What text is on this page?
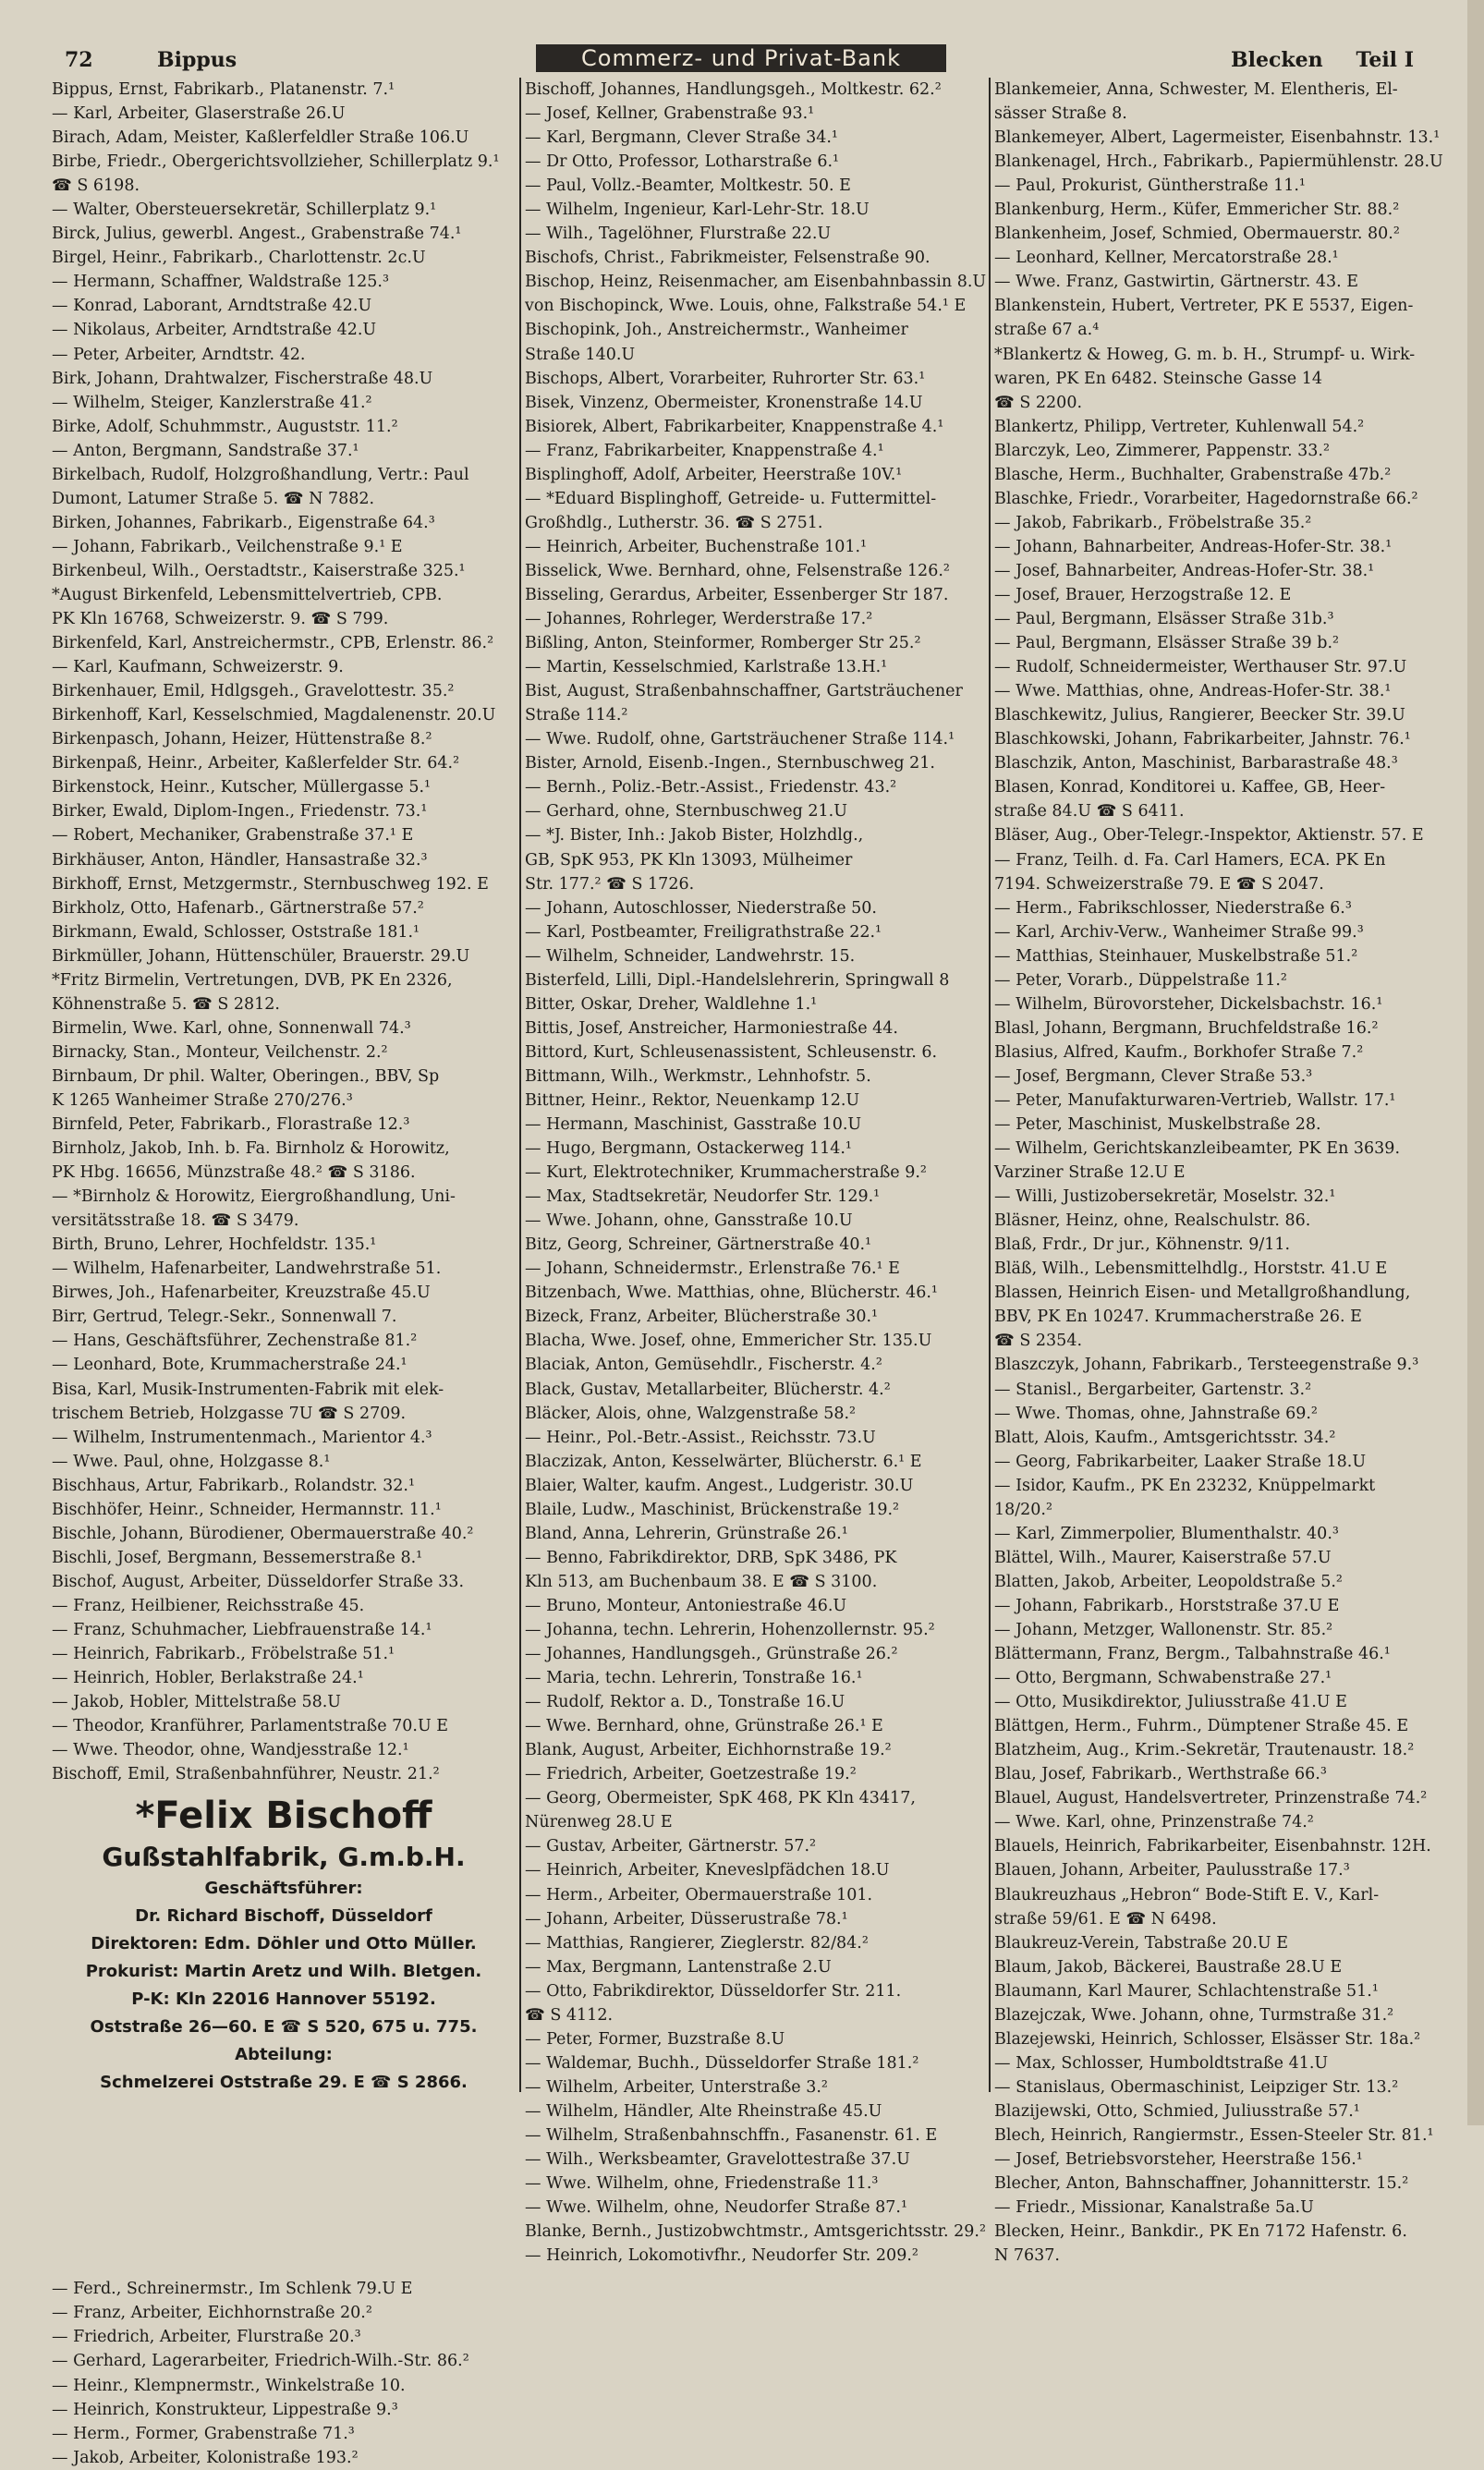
72	Bippus	Commerz- und Privat-Bank	Blecken Teil I
Bippus, Ernst, Fabrikarb., Platanenstr. 7.¹
— Karl, Arbeiter, Glaserstraße 26.U
Birach, Adam, Meister, Kaßlerfeldler Straße 106.U
Birbe, Friedr., Obergerichtsvollzieher, Schillerplatz 9.¹
☎ S 6198.
— Walter, Obersteuersekretär, Schillerplatz 9.¹
Birck, Julius, gewerbl. Angest., Grabenstraße 74.¹
Birgel, Heinr., Fabrikarb., Charlottenstr. 2c.U
— Hermann, Schaffner, Waldstraße 125.³
— Konrad, Laborant, Arndtstraße 42.U
— Nikolaus, Arbeiter, Arndtstraße 42.U
— Peter, Arbeiter, Arndtstr. 42.
Birk, Johann, Drahtwalzer, Fischerstraße 48.U
— Wilhelm, Steiger, Kanzlerstraße 41.²
Birke, Adolf, Schuhmmstr., Auguststr. 11.²
— Anton, Bergmann, Sandstraße 37.¹
Birkelbach, Rudolf, Holzgroßhandlung, Vertr.: Paul
Dumont, Latumer Straße 5. ☎ N 7882.
Birken, Johannes, Fabrikarb., Eigenstraße 64.³
— Johann, Fabrikarb., Veilchenstraße 9.¹ E
Birkenbeul, Wilh., Oerstadtstr., Kaiserstraße 325.¹
*August Birkenfeld, Lebensmittelvertrieb, CPB.
PK Kln 16768, Schweizerstr. 9. ☎ S 799.
Birkenfeld, Karl, Anstreichermstr., CPB, Erlenstr. 86.²
— Karl, Kaufmann, Schweizerstr. 9.
Birkenhauer, Emil, Hdlgsgeh., Gravelottestr. 35.²
Birkenhoff, Karl, Kesselschmied, Magdalenenstr. 20.U
Birkenpasch, Johann, Heizer, Hüttenstraße 8.²
Birkenpaß, Heinr., Arbeiter, Kaßlerfelder Str. 64.²
Birkenstock, Heinr., Kutscher, Müllergasse 5.¹
Birker, Ewald, Diplom-Ingen., Friedenstr. 73.¹
— Robert, Mechaniker, Grabenstraße 37.¹ E
Birkhäuser, Anton, Händler, Hansastraße 32.³
Birkhoff, Ernst, Metzgermstr., Sternbuschweg 192. E
Birkholz, Otto, Hafenarb., Gärtnerstraße 57.²
Birkmann, Ewald, Schlosser, Oststraße 181.¹
Birkmüller, Johann, Hüttenschüler, Brauerstr. 29.U
*Fritz Birmelin, Vertretungen, DVB, PK En 2326,
Köhnenstraße 5. ☎ S 2812.
Birmelin, Wwe. Karl, ohne, Sonnenwall 74.³
Birnacky, Stan., Monteur, Veilchenstr. 2.²
Birnbaum, Dr phil. Walter, Oberingen., BBV, Sp
K 1265 Wanheimer Straße 270/276.³
Birnfeld, Peter, Fabrikarb., Florastraße 12.³
Birnholz, Jakob, Inh. b. Fa. Birnholz & Horowitz,
PK Hbg. 16656, Münzstraße 48.² ☎ S 3186.
— *Birnholz & Horowitz, Eiergroßhandlung, Uni-
versitätsstraße 18. ☎ S 3479.
Birth, Bruno, Lehrer, Hochfeldstr. 135.¹
— Wilhelm, Hafenarbeiter, Landwehrstraße 51.
Birwes, Joh., Hafenarbeiter, Kreuzstraße 45.U
Birr, Gertrud, Telegr.-Sekr., Sonnenwall 7.
— Hans, Geschäftsführer, Zechenstraße 81.²
— Leonhard, Bote, Krummacherstraße 24.¹
Bisa, Karl, Musik-Instrumenten-Fabrik mit elek-
trischem Betrieb, Holzgasse 7U ☎ S 2709.
— Wilhelm, Instrumentenmach., Marientor 4.³
— Wwe. Paul, ohne, Holzgasse 8.¹
Bischhaus, Artur, Fabrikarb., Rolandstr. 32.¹
Bischhöfer, Heinr., Schneider, Hermannstr. 11.¹
Bischle, Johann, Bürodiener, Obermauerstraße 40.²
Bischli, Josef, Bergmann, Bessemerstraße 8.¹
Bischof, August, Arbeiter, Düsseldorfer Straße 33.
— Franz, Heilbiener, Reichsstraße 45.
— Franz, Schuhmacher, Liebfrauenstraße 14.¹
— Heinrich, Fabrikarb., Fröbelstraße 51.¹
— Heinrich, Hobler, Berlakstraße 24.¹
— Jakob, Hobler, Mittelstraße 58.U
— Theodor, Kranführer, Parlamentstraße 70.U E
— Wwe. Theodor, ohne, Wandjesstraße 12.¹
Bischoff, Emil, Straßenbahnführer, Neustr. 21.²
*Felix Bischoff
Gußstahlfabrik, G.m.b.H.
Geschäftsführer:
Dr. Richard Bischoff, Düsseldorf
Direktoren: Edm. Döhler und Otto Müller.
Prokurist: Martin Aretz und Wilh. Bletgen.
P-K: Kln 22016 Hannover 55192.
Oststraße 26—60. E ☎ S 520, 675 u. 775.
Abteilung:
Schmelzerei Oststraße 29. E ☎ S 2866.
— Ferd., Schreinermstr., Im Schlenk 79.U E
— Franz, Arbeiter, Eichhornstraße 20.²
— Friedrich, Arbeiter, Flurstraße 20.³
— Gerhard, Lagerarbeiter, Friedrich-Wilh.-Str. 86.²
— Heinr., Klempnermstr., Winkelstraße 10.
— Heinrich, Konstrukteur, Lippestraße 9.³
— Herm., Former, Grabenstraße 71.³
— Jakob, Arbeiter, Kolonistraße 193.²
Bischoff, Johannes, Handlungsgeh., Moltkestr. 62.²
— Josef, Kellner, Grabenstraße 93.¹
— Karl, Bergmann, Clever Straße 34.¹
— Dr Otto, Professor, Lotharstraße 6.¹
— Paul, Vollz.-Beamter, Moltkestr. 50. E
— Wilhelm, Ingenieur, Karl-Lehr-Str. 18.U
— Wilh., Tagelöhner, Flurstraße 22.U
Bischofs, Christ., Fabrikmeister, Felsenstraße 90.
Bischop, Heinz, Reisenmacher, am Eisenbahnbassin 8.U
von Bischopinck, Wwe. Louis, ohne, Falkstraße 54.¹ E
Bischopink, Joh., Anstreichermstr., Wanheimer
Straße 140.U
Bischops, Albert, Vorarbeiter, Ruhrorter Str. 63.¹
Bisek, Vinzenz, Obermeister, Kronenstraße 14.U
Bisiorek, Albert, Fabrikarbeiter, Knappenstraße 4.¹
— Franz, Fabrikarbeiter, Knappenstraße 4.¹
Bisplinghoff, Adolf, Arbeiter, Heerstraße 10V.¹
— *Eduard Bisplinghoff, Getreide- u. Futtermittel-
Großhdlg., Lutherstr. 36. ☎ S 2751.
— Heinrich, Arbeiter, Buchenstraße 101.¹
Bisselick, Wwe. Bernhard, ohne, Felsenstraße 126.²
Bisseling, Gerardus, Arbeiter, Essenberger Str 187.
— Johannes, Rohrleger, Werderstraße 17.²
Bißling, Anton, Steinformer, Romberger Str 25.²
— Martin, Kesselschmied, Karlstraße 13.H.¹
Bist, August, Straßenbahnschaffner, Gartsträuchener
Straße 114.²
— Wwe. Rudolf, ohne, Gartsträuchener Straße 114.¹
Bister, Arnold, Eisenb.-Ingen., Sternbuschweg 21.
— Bernh., Poliz.-Betr.-Assist., Friedenstr. 43.²
— Gerhard, ohne, Sternbuschweg 21.U
— *J. Bister, Inh.: Jakob Bister, Holzhdlg.,
GB, SpK 953, PK Kln 13093, Mülheimer
Str. 177.² ☎ S 1726.
— Johann, Autoschlosser, Niederstraße 50.
— Karl, Postbeamter, Freiligrathstraße 22.¹
— Wilhelm, Schneider, Landwehrstr. 15.
Bisterfeld, Lilli, Dipl.-Handelslehrerin, Springwall 8
Bitter, Oskar, Dreher, Waldlehne 1.¹
Bittis, Josef, Anstreicher, Harmoniestraße 44.
Bittord, Kurt, Schleusenassistent, Schleusenstr. 6.
Bittmann, Wilh., Werkmstr., Lehnhofstr. 5.
Bittner, Heinr., Rektor, Neuenkamp 12.U
— Hermann, Maschinist, Gasstraße 10.U
— Hugo, Bergmann, Ostackerweg 114.¹
— Kurt, Elektrotechniker, Krummacherstraße 9.²
— Max, Stadtsekretär, Neudorfer Str. 129.¹
— Wwe. Johann, ohne, Gansstraße 10.U
Bitz, Georg, Schreiner, Gärtnerstraße 40.¹
— Johann, Schneidermstr., Erlenstraße 76.¹ E
Bitzenbach, Wwe. Matthias, ohne, Blücherstr. 46.¹
Bizeck, Franz, Arbeiter, Blücherstraße 30.¹
Blacha, Wwe. Josef, ohne, Emmericher Str. 135.U
Blaciak, Anton, Gemüsehdlr., Fischerstr. 4.²
Black, Gustav, Metallarbeiter, Blücherstr. 4.²
Bläcker, Alois, ohne, Walzgenstraße 58.²
— Heinr., Pol.-Betr.-Assist., Reichsstr. 73.U
Blaczizak, Anton, Kesselwärter, Blücherstr. 6.¹ E
Blaier, Walter, kaufm. Angest., Ludgeristr. 30.U
Blaile, Ludw., Maschinist, Brückenstraße 19.²
Bland, Anna, Lehrerin, Grünstraße 26.¹
— Benno, Fabrikdirektor, DRB, SpK 3486, PK
Kln 513, am Buchenbaum 38. E ☎ S 3100.
— Bruno, Monteur, Antoniestraße 46.U
— Johanna, techn. Lehrerin, Hohenzollernstr. 95.²
— Johannes, Handlungsgeh., Grünstraße 26.²
— Maria, techn. Lehrerin, Tonstraße 16.¹
— Rudolf, Rektor a. D., Tonstraße 16.U
— Wwe. Bernhard, ohne, Grünstraße 26.¹ E
Blank, August, Arbeiter, Eichhornstraße 19.²
— Friedrich, Arbeiter, Goetzestraße 19.²
— Georg, Obermeister, SpK 468, PK Kln 43417,
Nürenweg 28.U E
— Gustav, Arbeiter, Gärtnerstr. 57.²
— Heinrich, Arbeiter, Kneveslpfädchen 18.U
— Herm., Arbeiter, Obermauerstraße 101.
— Johann, Arbeiter, Düsserustraße 78.¹
— Matthias, Rangierer, Zieglerstr. 82/84.²
— Max, Bergmann, Lantenstraße 2.U
— Otto, Fabrikdirektor, Düsseldorfer Str. 211.
☎ S 4112.
— Peter, Former, Buzstraße 8.U
— Waldemar, Buchh., Düsseldorfer Straße 181.²
— Wilhelm, Arbeiter, Unterstraße 3.²
— Wilhelm, Händler, Alte Rheinstraße 45.U
— Wilhelm, Straßenbahnschffn., Fasanenstr. 61. E
— Wilh., Werksbeamter, Gravelottestraße 37.U
— Wwe. Wilhelm, ohne, Friedenstraße 11.³
— Wwe. Wilhelm, ohne, Neudorfer Straße 87.¹
Blanke, Bernh., Justizobwchtmstr., Amtsgerichtsstr. 29.²
— Heinrich, Lokomotivfhr., Neudorfer Str. 209.²
Blankemeier, Anna, Schwester, M. Elentheris, El-
sässer Straße 8.
Blankemeyer, Albert, Lagermeister, Eisenbahnstr. 13.¹
Blankenagel, Hrch., Fabrikarb., Papiermühlenstr. 28.U
— Paul, Prokurist, Güntherstraße 11.¹
Blankenburg, Herm., Küfer, Emmericher Str. 88.²
Blankenheim, Josef, Schmied, Obermauerstr. 80.²
— Leonhard, Kellner, Mercatorstraße 28.¹
— Wwe. Franz, Gastwirtin, Gärtnerstr. 43. E
Blankenstein, Hubert, Vertreter, PK E 5537, Eigen-
straße 67 a.⁴
*Blankertz & Howeg, G. m. b. H., Strumpf- u. Wirk-
waren, PK En 6482. Steinsche Gasse 14
☎ S 2200.
Blankertz, Philipp, Vertreter, Kuhlenwall 54.²
Blarczyk, Leo, Zimmerer, Pappenstr. 33.²
Blasche, Herm., Buchhalter, Grabenstraße 47b.²
Blaschke, Friedr., Vorarbeiter, Hagedornstraße 66.²
— Jakob, Fabrikarb., Fröbelstraße 35.²
— Johann, Bahnarbeiter, Andreas-Hofer-Str. 38.¹
— Josef, Bahnarbeiter, Andreas-Hofer-Str. 38.¹
— Josef, Brauer, Herzogstraße 12. E
— Paul, Bergmann, Elsässer Straße 31b.³
— Paul, Bergmann, Elsässer Straße 39 b.²
— Rudolf, Schneidermeister, Werthauser Str. 97.U
— Wwe. Matthias, ohne, Andreas-Hofer-Str. 38.¹
Blaschkewitz, Julius, Rangierer, Beecker Str. 39.U
Blaschkowski, Johann, Fabrikarbeiter, Jahnstr. 76.¹
Blaschzik, Anton, Maschinist, Barbarastraße 48.³
Blasen, Konrad, Konditorei u. Kaffee, GB, Heer-
straße 84.U ☎ S 6411.
Bläser, Aug., Ober-Telegr.-Inspektor, Aktienstr. 57. E
— Franz, Teilh. d. Fa. Carl Hamers, ECA. PK En
7194. Schweizerstraße 79. E ☎ S 2047.
— Herm., Fabrikschlosser, Niederstraße 6.³
— Karl, Archiv-Verw., Wanheimer Straße 99.³
— Matthias, Steinhauer, Muskelbstraße 51.²
— Peter, Vorarb., Düppelstraße 11.²
— Wilhelm, Bürovorsteher, Dickelsbachstr. 16.¹
Blasl, Johann, Bergmann, Bruchfeldstraße 16.²
Blasius, Alfred, Kaufm., Borkhofer Straße 7.²
— Josef, Bergmann, Clever Straße 53.³
— Peter, Manufakturwaren-Vertrieb, Wallstr. 17.¹
— Peter, Maschinist, Muskelbstraße 28.
— Wilhelm, Gerichtskanzleibeamter, PK En 3639.
Varziner Straße 12.U E
— Willi, Justizobersekretär, Moselstr. 32.¹
Bläsner, Heinz, ohne, Realschulstr. 86.
Blaß, Frdr., Dr jur., Köhnenstr. 9/11.
Bläß, Wilh., Lebensmittelhdlg., Horststr. 41.U E
Blassen, Heinrich Eisen- und Metallgroßhandlung,
BBV, PK En 10247. Krummacherstraße 26. E
☎ S 2354.
Blaszczyk, Johann, Fabrikarb., Tersteegenstraße 9.³
— Stanisl., Bergarbeiter, Gartenstr. 3.²
— Wwe. Thomas, ohne, Jahnstraße 69.²
Blatt, Alois, Kaufm., Amtsgerichtsstr. 34.²
— Georg, Fabrikarbeiter, Laaker Straße 18.U
— Isidor, Kaufm., PK En 23232, Knüppelmarkt
18/20.²
— Karl, Zimmerpolier, Blumenthalstr. 40.³
Blättel, Wilh., Maurer, Kaiserstraße 57.U
Blatten, Jakob, Arbeiter, Leopoldstraße 5.²
— Johann, Fabrikarb., Horststraße 37.U E
— Johann, Metzger, Wallonenstr. Str. 85.²
Blättermann, Franz, Bergm., Talbahnstraße 46.¹
— Otto, Bergmann, Schwabenstraße 27.¹
— Otto, Musikdirektor, Juliusstraße 41.U E
Blättgen, Herm., Fuhrm., Dümptener Straße 45. E
Blatzheim, Aug., Krim.-Sekretär, Trautenaustr. 18.²
Blau, Josef, Fabrikarb., Werthstraße 66.³
Blauel, August, Handelsvertreter, Prinzenstraße 74.²
— Wwe. Karl, ohne, Prinzenstraße 74.²
Blauels, Heinrich, Fabrikarbeiter, Eisenbahnstr. 12H.
Blauen, Johann, Arbeiter, Paulusstraße 17.³
Blaukreuzhaus „Hebron“ Bode-Stift E. V., Karl-
straße 59/61. E ☎ N 6498.
Blaukreuz-Verein, Tabstraße 20.U E
Blaum, Jakob, Bäckerei, Baustraße 28.U E
Blaumann, Karl Maurer, Schlachtenstraße 51.¹
Blazejczak, Wwe. Johann, ohne, Turmstraße 31.²
Blazejewski, Heinrich, Schlosser, Elsässer Str. 18a.²
— Max, Schlosser, Humboldtstraße 41.U
— Stanislaus, Obermaschinist, Leipziger Str. 13.²
Blazijewski, Otto, Schmied, Juliusstraße 57.¹
Blech, Heinrich, Rangiermstr., Essen-Steeler Str. 81.¹
— Josef, Betriebsvorsteher, Heerstraße 156.¹
Blecher, Anton, Bahnschaffner, Johannitterstr. 15.²
— Friedr., Missionar, Kanalstraße 5a.U
Blecken, Heinr., Bankdir., PK En 7172 Hafenstr. 6.
N 7637.
